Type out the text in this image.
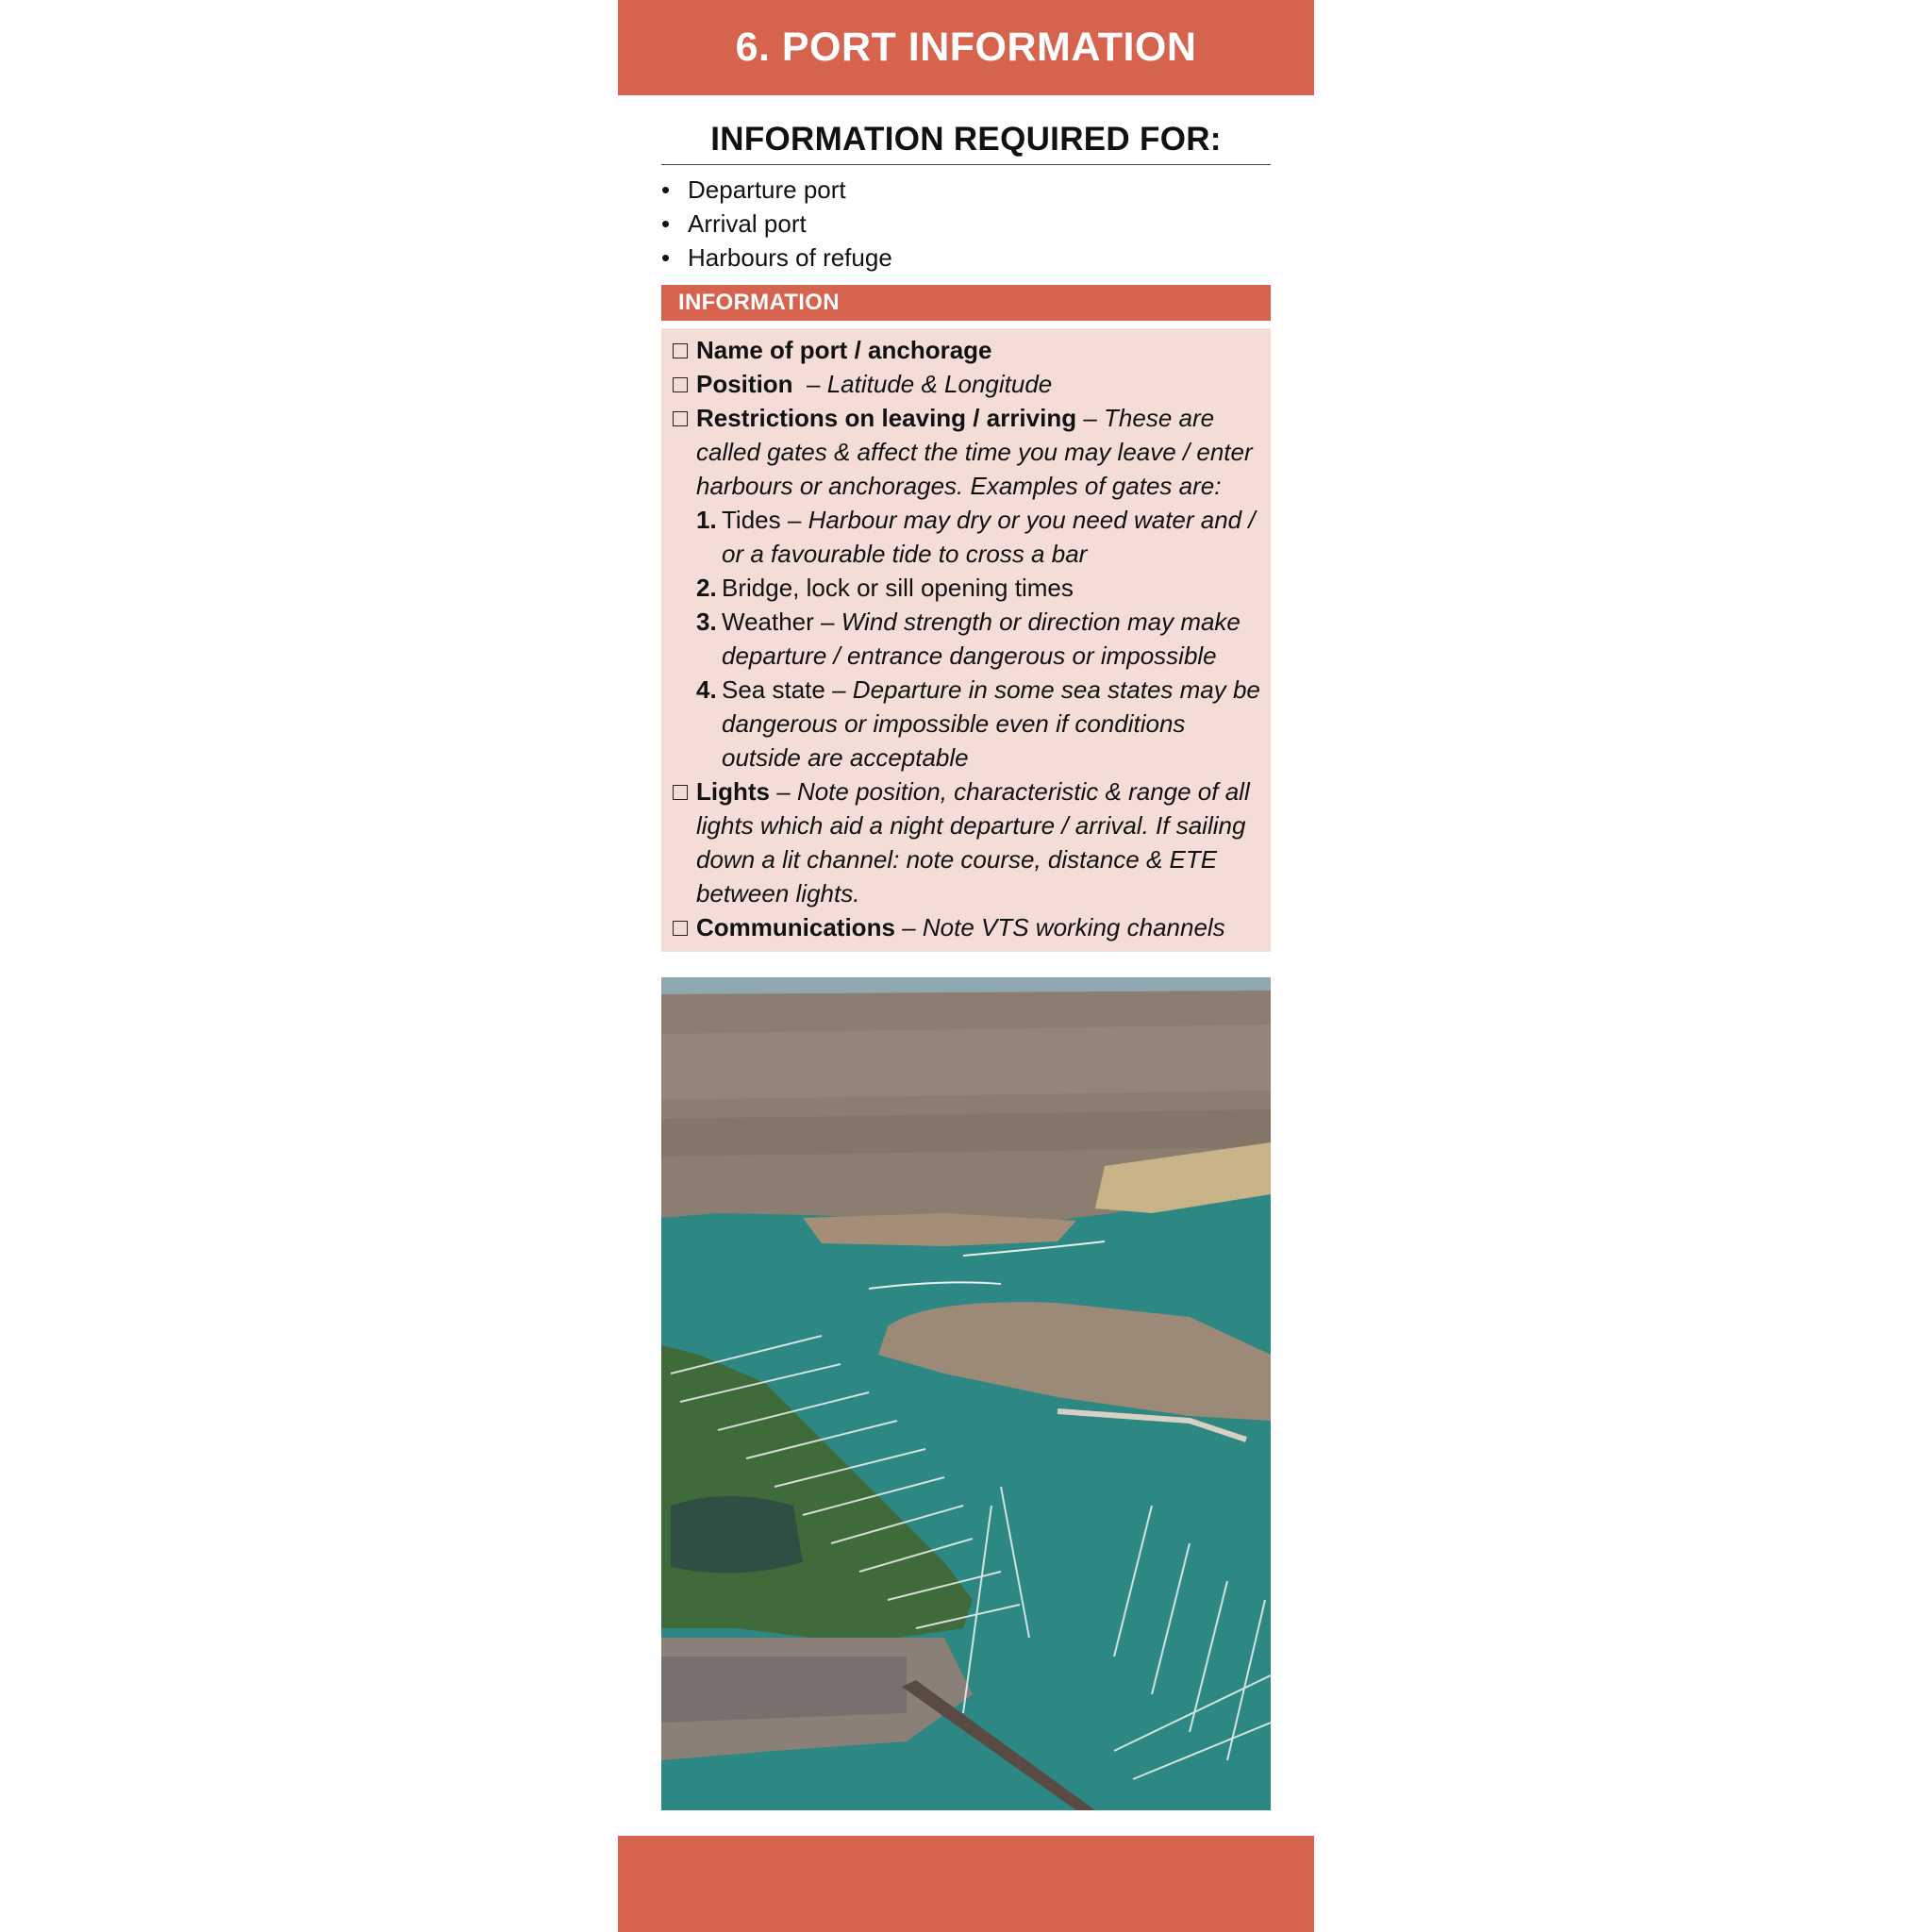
6. PORT INFORMATION
INFORMATION REQUIRED FOR:
• Departure port
• Arrival port
• Harbours of refuge
INFORMATION
Name of port / anchorage
Position – Latitude & Longitude
Restrictions on leaving / arriving – These are called gates & affect the time you may leave / enter harbours or anchorages. Examples of gates are:
1. Tides – Harbour may dry or you need water and / or a favourable tide to cross a bar
2. Bridge, lock or sill opening times
3. Weather – Wind strength or direction may make departure / entrance dangerous or impossible
4. Sea state – Departure in some sea states may be dangerous or impossible even if conditions outside are acceptable
Lights – Note position, characteristic & range of all lights which aid a night departure / arrival. If sailing down a lit channel: note course, distance & ETE between lights.
Communications – Note VTS working channels
